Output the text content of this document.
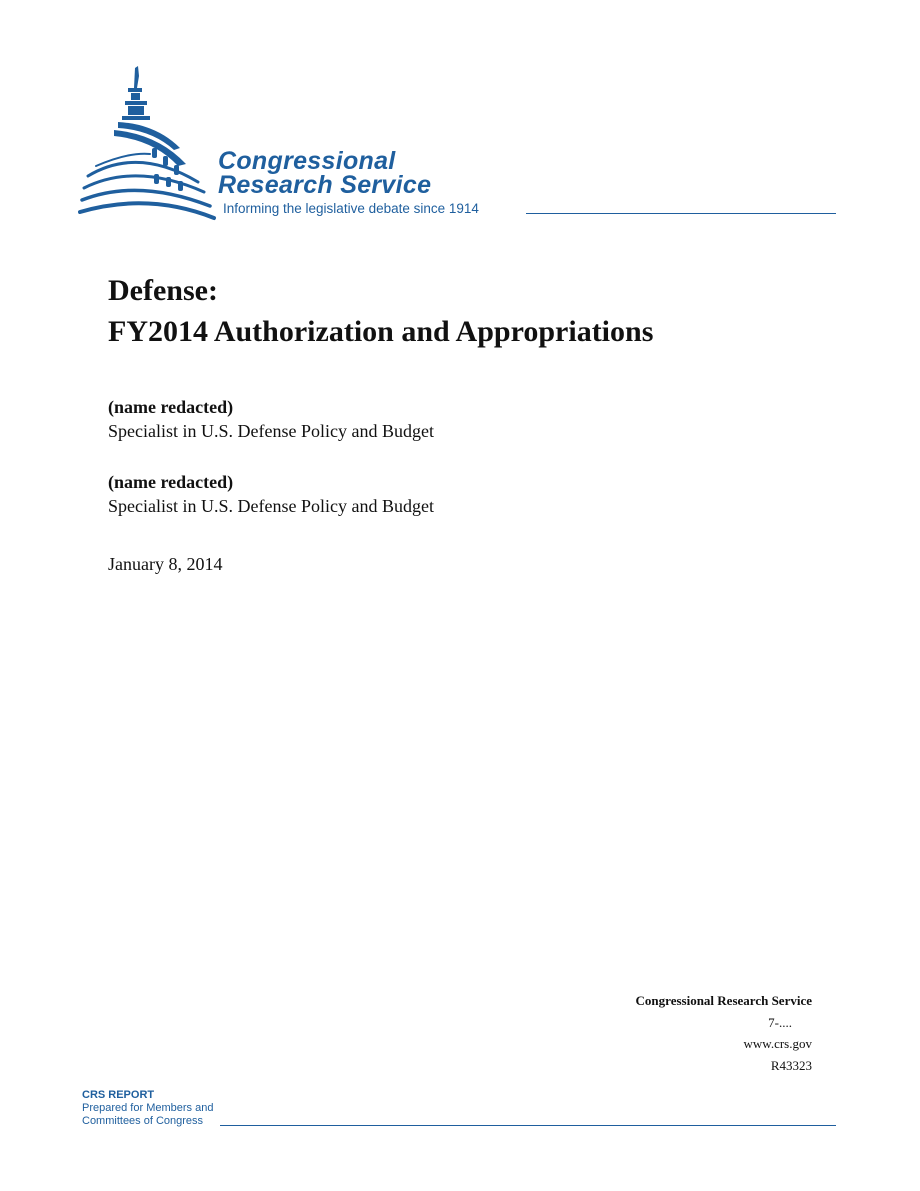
Congressional

Research Service

Informing the legislative debate since 1914

Defense:

FY2014 Authorization and Appropriations

(name redacted)

Specialist in U.S. Defense Policy and Budget

(name redacted)

Specialist in U.S. Defense Policy and Budget

January 8, 2014

Congressional Research Service
7-....
www.crs.gov
R43323

CRS REPORT

Prepared for Members and

Committees of Congress
